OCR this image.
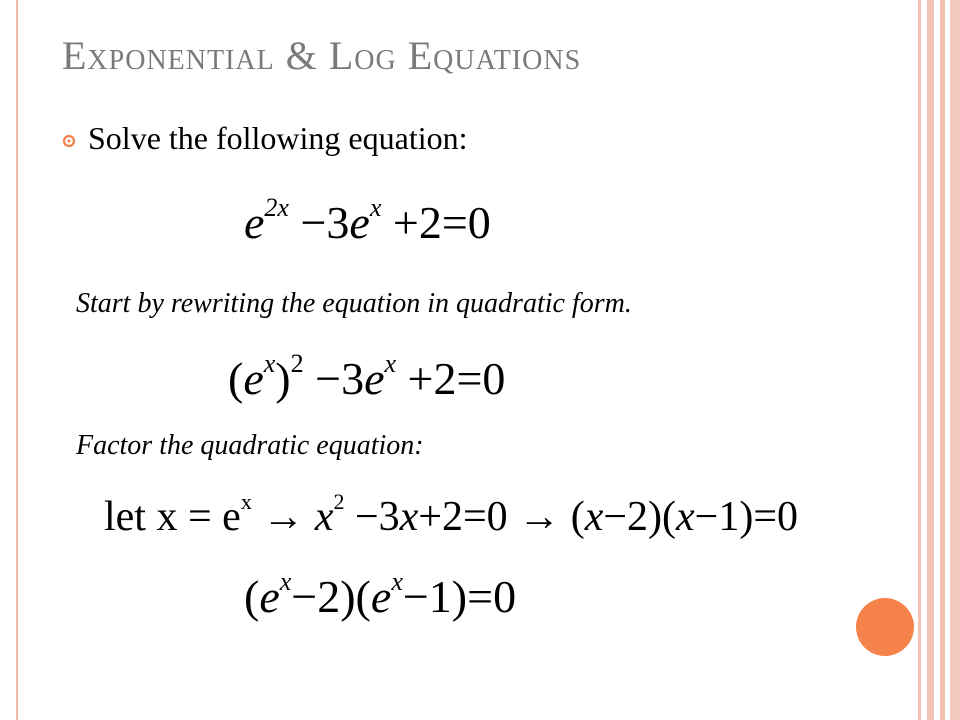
Exponential & Log Equations
Solve the following equation:
$e^{2x} -3e^x +2=0$
Start by rewriting the equation in quadratic form.
$(e^x)^2 -3e^x +2=0$
Factor the quadratic equation:
let $x = e^x \to x^2 -3x+2=0 \to (x-2)(x-1)=0$
$(e^x-2)(e^x-1)=0$
